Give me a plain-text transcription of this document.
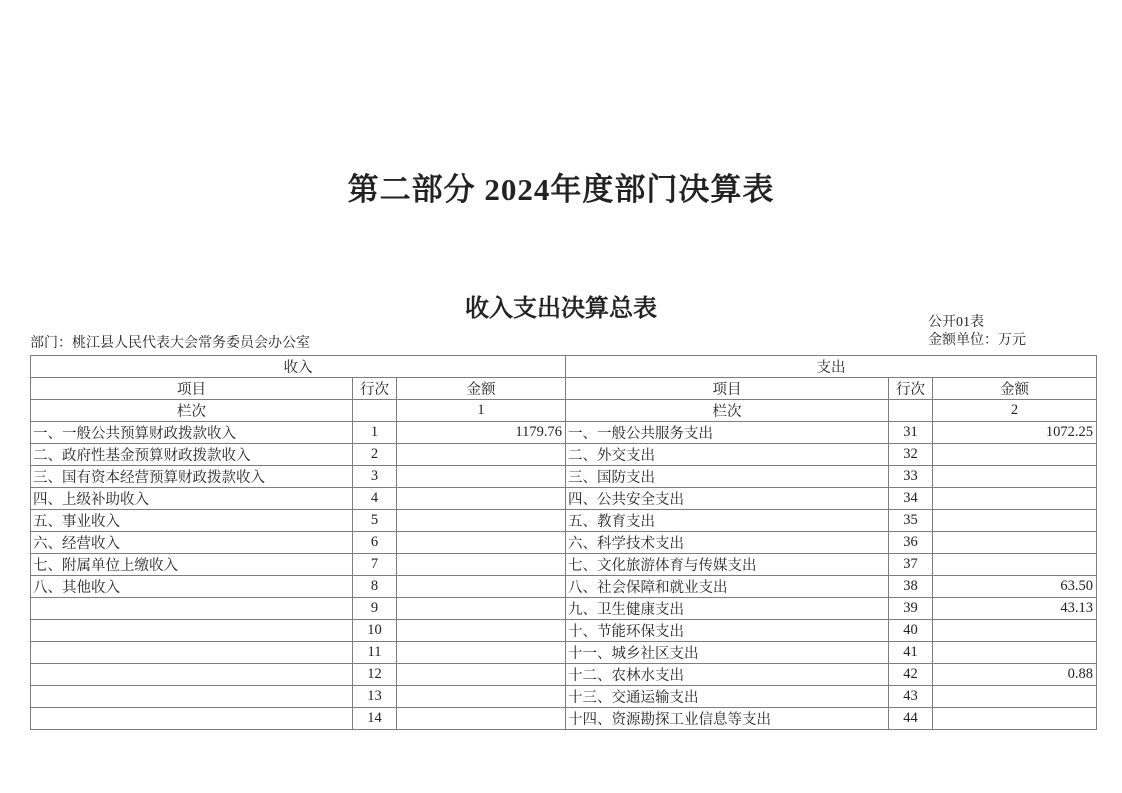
第二部分 2024年度部门决算表
收入支出决算总表
公开01表
金额单位：万元
部门：桃江县人民代表大会常务委员会办公室
收入			支出		
项目	行次	金额	项目	行次	金额
栏次		1	栏次		2
一、一般公共预算财政拨款收入	1	1179.76	一、一般公共服务支出	31	1072.25
二、政府性基金预算财政拨款收入	2		二、外交支出	32	
三、国有资本经营预算财政拨款收入	3		三、国防支出	33	
四、上级补助收入	4		四、公共安全支出	34	
五、事业收入	5		五、教育支出	35	
六、经营收入	6		六、科学技术支出	36	
七、附属单位上缴收入	7		七、文化旅游体育与传媒支出	37	
八、其他收入	8		八、社会保障和就业支出	38	63.50
	9		九、卫生健康支出	39	43.13
	10		十、节能环保支出	40	
	11		十一、城乡社区支出	41	
	12		十二、农林水支出	42	0.88
	13		十三、交通运输支出	43	
	14		十四、资源勘探工业信息等支出	44	
